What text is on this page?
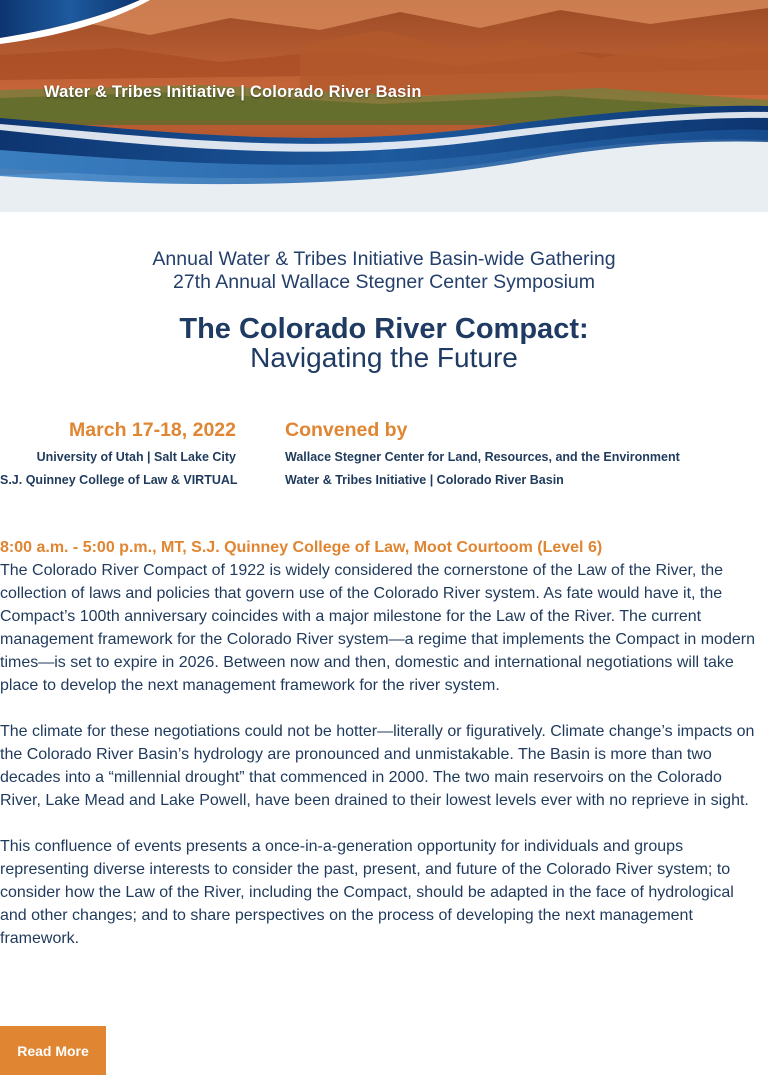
Water & Tribes Initiative | Colorado River Basin
Annual Water & Tribes Initiative Basin-wide Gathering
27th Annual Wallace Stegner Center Symposium
The Colorado River Compact:
Navigating the Future
March 17-18, 2022
University of Utah | Salt Lake City
S.J. Quinney College of Law & VIRTUAL
Convened by
Wallace Stegner Center for Land, Resources, and the Environment
Water & Tribes Initiative | Colorado River Basin
8:00 a.m. - 5:00 p.m., MT, S.J. Quinney College of Law, Moot Courtoom (Level 6)

The Colorado River Compact of 1922 is widely considered the cornerstone of the Law of the River, the collection of laws and policies that govern use of the Colorado River system. As fate would have it, the Compact’s 100th anniversary coincides with a major milestone for the Law of the River. The current management framework for the Colorado River system—a regime that implements the Compact in modern times—is set to expire in 2026. Between now and then, domestic and international negotiations will take place to develop the next management framework for the river system.

The climate for these negotiations could not be hotter—literally or figuratively. Climate change’s impacts on the Colorado River Basin’s hydrology are pronounced and unmistakable. The Basin is more than two decades into a “millennial drought” that commenced in 2000. The two main reservoirs on the Colorado River, Lake Mead and Lake Powell, have been drained to their lowest levels ever with no reprieve in sight.

This confluence of events presents a once-in-a-generation opportunity for individuals and groups representing diverse interests to consider the past, present, and future of the Colorado River system; to consider how the Law of the River, including the Compact, should be adapted in the face of hydrological and other changes; and to share perspectives on the process of developing the next management framework.

Read More
